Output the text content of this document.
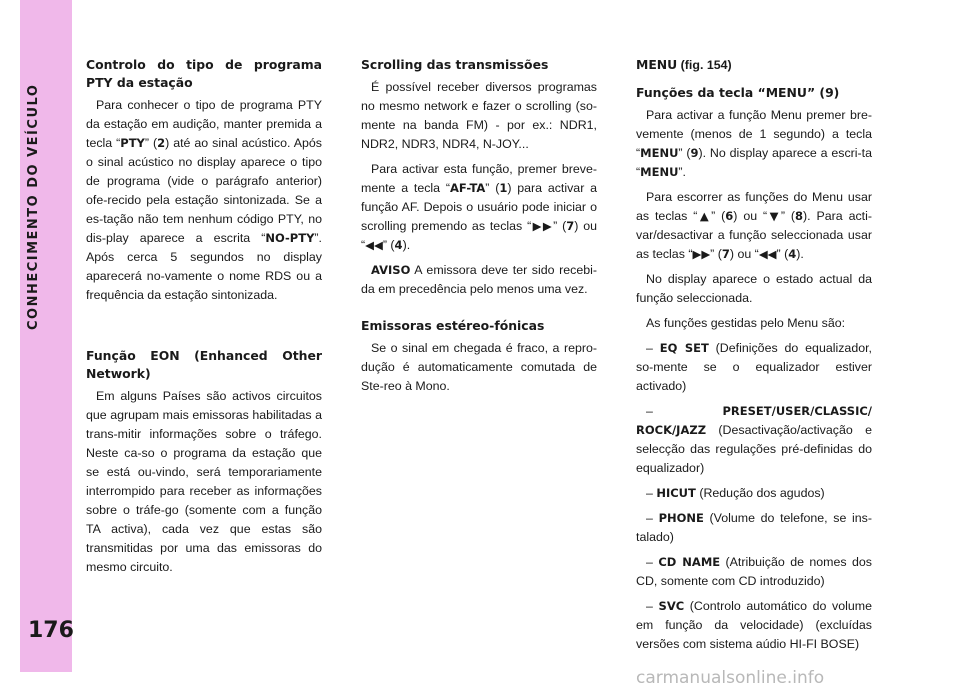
CONHECIMENTO DO VEÍCULO
176
Controlo do tipo de programa PTY da estação

Para conhecer o tipo de programa PTY da estação em audição, manter premida a tecla “PTY” (2) até ao sinal acústico. Após o sinal acústico no display aparece o tipo de programa (vide o parágrafo anterior) ofe-recido pela estação sintonizada. Se a es-tação não tem nenhum código PTY, no dis-play aparece a escrita “NO-PTY”. Após cerca 5 segundos no display aparecerá no-vamente o nome RDS ou a frequência da estação sintonizada.

Função EON (Enhanced Other Network)

Em alguns Países são activos circuitos que agrupam mais emissoras habilitadas a trans-mitir informações sobre o tráfego. Neste ca-so o programa da estação que se está ou-vindo, será temporariamente interrompido para receber as informações sobre o tráfe-go (somente com a função TA activa), cada vez que estas são transmitidas por uma das emissoras do mesmo circuito.

Scrolling das transmissões

É possível receber diversos programas no mesmo network e fazer o scrolling (so-mente na banda FM) - por ex.: NDR1, NDR2, NDR3, NDR4, N-JOY...

Para activar esta função, premer breve-mente a tecla “AF-TA” (1) para activar a função AF. Depois o usuário pode iniciar o scrolling premendo as teclas “▶▶” (7) ou “◀◀” (4).

AVISO A emissora deve ter sido recebi-da em precedência pelo menos uma vez.

Emissoras estéreo-fónicas

Se o sinal em chegada é fraco, a repro-dução é automaticamente comutada de Ste-reo à Mono.

MENU (fig. 154)
Funções da tecla “MENU” (9)

Para activar a função Menu premer bre-vemente (menos de 1 segundo) a tecla “MENU” (9). No display aparece a escri-ta “MENU”.

Para escorrer as funções do Menu usar as teclas “▲” (6) ou “▼” (8). Para acti-var/desactivar a função seleccionada usar as teclas “▶▶” (7) ou “◀◀” (4).

No display aparece o estado actual da função seleccionada.

As funções gestidas pelo Menu são:

– EQ SET (Definições do equalizador, so-mente se o equalizador estiver activado)

– PRESET/USER/CLASSIC/ ROCK/JAZZ (Desactivação/activação e selecção das regulações pré-definidas do equalizador)

– HICUT (Redução dos agudos)

– PHONE (Volume do telefone, se ins-talado)

– CD NAME (Atribuição de nomes dos CD, somente com CD introduzido)

– SVC (Controlo automático do volume em função da velocidade) (excluídas versões com sistema aúdio HI-FI BOSE)

carmanualsonline.info
